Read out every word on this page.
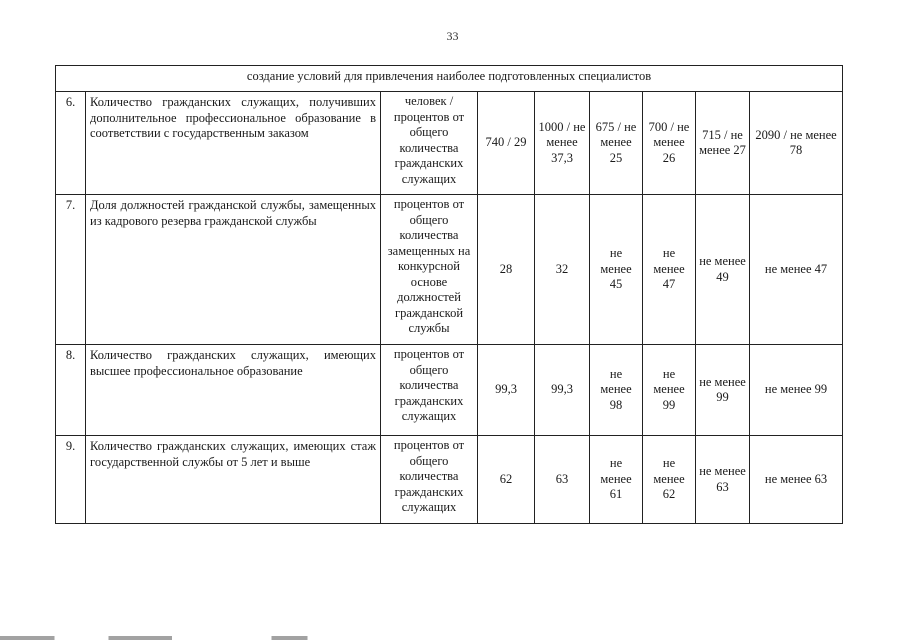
33
создание условий для привлечения наиболее подготовленных специалистов								
6.	Количество гражданских служащих, получивших дополнительное профессиональное образование в соответствии с государственным заказом	человек / процентов от общего количества гражданских служащих	740 / 29	1000 / не менее 37,3	675 / не менее 25	700 / не менее 26	715 / не менее 27	2090 / не менее 78
7.	Доля должностей гражданской службы, замещенных из кадрового резерва гражданской службы	процентов от общего количества замещенных на конкурсной основе должностей гражданской службы	28	32	не менее 45	не менее 47	не менее 49	не менее 47
8.	Количество гражданских служащих, имеющих высшее профессиональное образование	процентов от общего количества гражданских служащих	99,3	99,3	не менее 98	не менее 99	не менее 99	не менее 99
9.	Количество гражданских служащих, имеющих стаж государственной службы от 5 лет и выше	процентов от общего количества гражданских служащих	62	63	не менее 61	не менее 62	не менее 63	не менее 63
